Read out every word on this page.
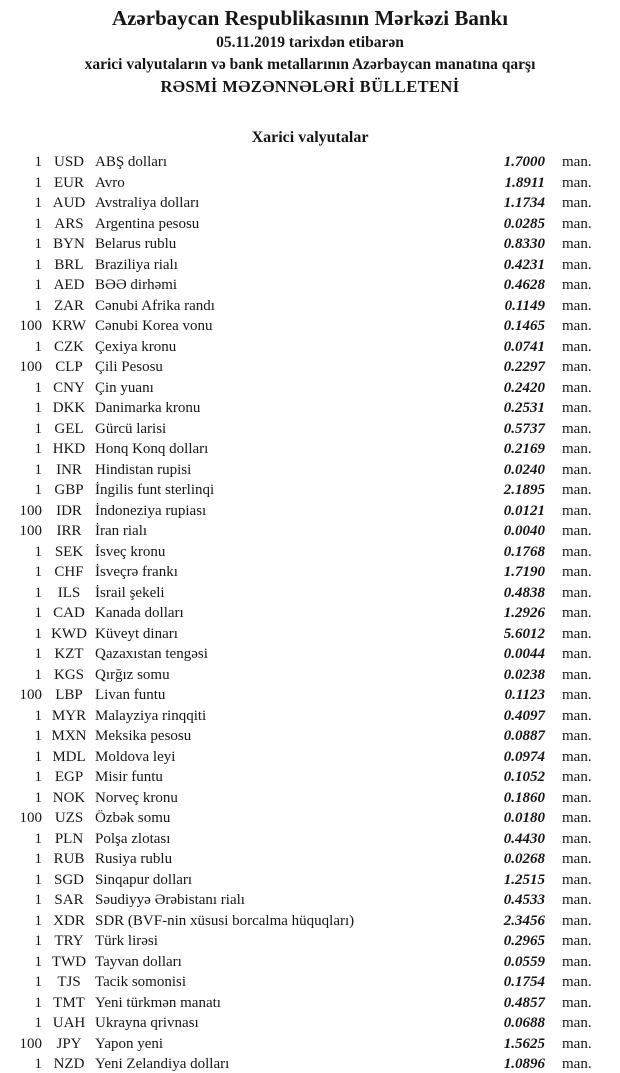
Azərbaycan Respublikasının Mərkəzi Bankı
05.11.2019 tarixdən etibarən
xarici valyutaların və bank metallarının Azərbaycan manatına qarşı
RƏSMİ MƏZƏNNƏLƏRİ BÜLLETENİ
Xarici valyutalar
1 USD ABŞ dolları	1.7000	man.
1 EUR Avro	1.8911	man.
1 AUD Avstraliya dolları	1.1734	man.
1 ARS Argentina pesosu	0.0285	man.
1 BYN Belarus rublu	0.8330	man.
1 BRL Braziliya rialı	0.4231	man.
1 AED BƏƏ dirhəmi	0.4628	man.
1 ZAR Cənubi Afrika randı	0.1149	man.
100 KRW Cənubi Korea vonu	0.1465	man.
1 CZK Çexiya kronu	0.0741	man.
100 CLP Çili Pesosu	0.2297	man.
1 CNY Çin yuanı	0.2420	man.
1 DKK Danimarka kronu	0.2531	man.
1 GEL Gürcü larisi	0.5737	man.
1 HKD Honq Konq dolları	0.2169	man.
1 INR Hindistan rupisi	0.0240	man.
1 GBP İngilis funt sterlinqi	2.1895	man.
100 IDR İndoneziya rupiası	0.0121	man.
100 IRR İran rialı	0.0040	man.
1 SEK İsveç kronu	0.1768	man.
1 CHF İsveçrə frankı	1.7190	man.
1	ILS İsrail şekeli	0.4838	man.
1 CAD Kanada dolları	1.2926	man.
1 KWD Küveyt dinarı	5.6012	man.
1 KZT Qazaxıstan tengəsi	0.0044	man.
1 KGS Qırğız somu	0.0238	man.
100 LBP Livan funtu	0.1123	man.
1 MYR Malayziya rinqqiti	0.4097	man.
1 MXN Meksika pesosu	0.0887	man.
1 MDL Moldova leyi	0.0974	man.
1 EGP Misir funtu	0.1052	man.
1 NOK Norveç kronu	0.1860	man.
100 UZS Özbək somu	0.0180	man.
1 PLN Polşa zlotası	0.4430	man.
1 RUB Rusiya rublu	0.0268	man.
1 SGD Sinqapur dolları	1.2515	man.
1 SAR Səudiyyə Ərəbistanı rialı	0.4533	man.
1 XDR SDR (BVF-nin xüsusi borcalma hüquqları)	2.3456	man.
1 TRY Türk lirəsi	0.2965	man.
1 TWD Tayvan dolları	0.0559	man.
1	TJS Tacik somonisi	0.1754	man.
1 TMT Yeni türkmən manatı	0.4857	man.
1 UAH Ukrayna qrivnası	0.0688	man.
100 JPY Yapon yeni	1.5625	man.
1 NZD Yeni Zelandiya dolları	1.0896	man.
